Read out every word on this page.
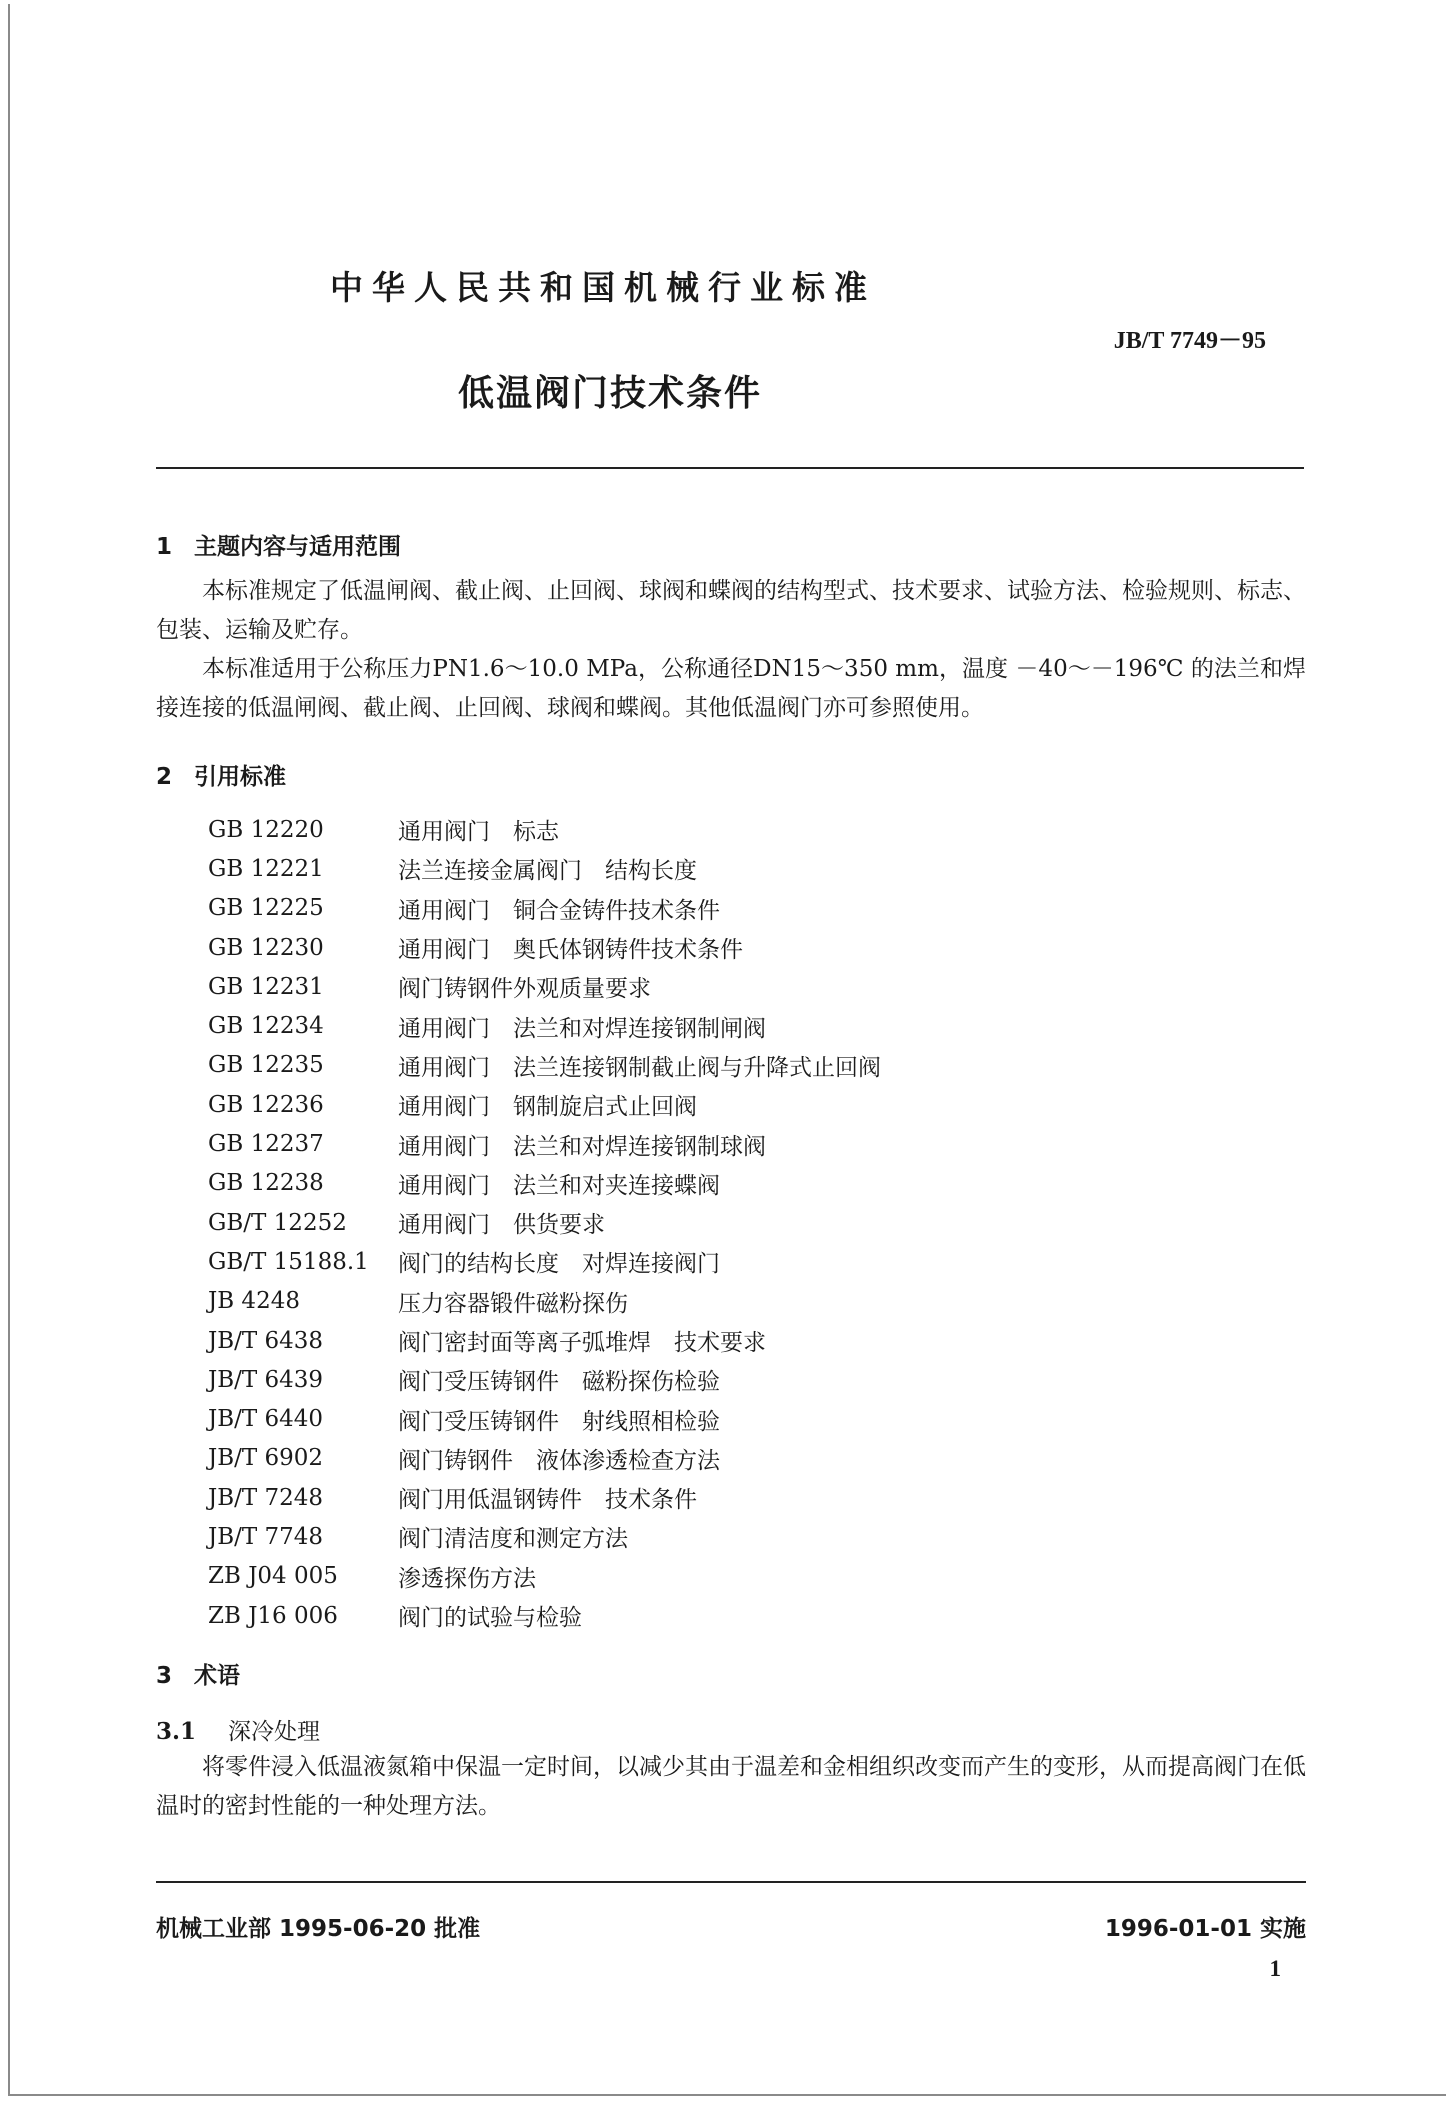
中华人民共和国机械行业标准
JB/T 7749－95
低温阀门技术条件
1 主题内容与适用范围
本标准规定了低温闸阀、截止阀、止回阀、球阀和蝶阀的结构型式、技术要求、试验方法、检验规则、标志、包装、运输及贮存。
本标准适用于公称压力PN1.6～10.0 MPa，公称通径DN15～350 mm，温度 －40～－196℃ 的法兰和焊接连接的低温闸阀、截止阀、止回阀、球阀和蝶阀。其他低温阀门亦可参照使用。
2 引用标准
GB 12220	通用阀门　标志
GB 12221	法兰连接金属阀门　结构长度
GB 12225	通用阀门　铜合金铸件技术条件
GB 12230	通用阀门　奥氏体钢铸件技术条件
GB 12231	阀门铸钢件外观质量要求
GB 12234	通用阀门　法兰和对焊连接钢制闸阀
GB 12235	通用阀门　法兰连接钢制截止阀与升降式止回阀
GB 12236	通用阀门　钢制旋启式止回阀
GB 12237	通用阀门　法兰和对焊连接钢制球阀
GB 12238	通用阀门　法兰和对夹连接蝶阀
GB/T 12252	通用阀门　供货要求
GB/T 15188.1	阀门的结构长度　对焊连接阀门
JB 4248	压力容器锻件磁粉探伤
JB/T 6438	阀门密封面等离子弧堆焊　技术要求
JB/T 6439	阀门受压铸钢件　磁粉探伤检验
JB/T 6440	阀门受压铸钢件　射线照相检验
JB/T 6902	阀门铸钢件　液体渗透检查方法
JB/T 7248	阀门用低温钢铸件　技术条件
JB/T 7748	阀门清洁度和测定方法
ZB J04 005	渗透探伤方法
ZB J16 006	阀门的试验与检验
3 术语
3.1 深冷处理
将零件浸入低温液氮箱中保温一定时间，以减少其由于温差和金相组织改变而产生的变形，从而提高阀门在低温时的密封性能的一种处理方法。
机械工业部 1995-06-20 批准	1996-01-01 实施
1
